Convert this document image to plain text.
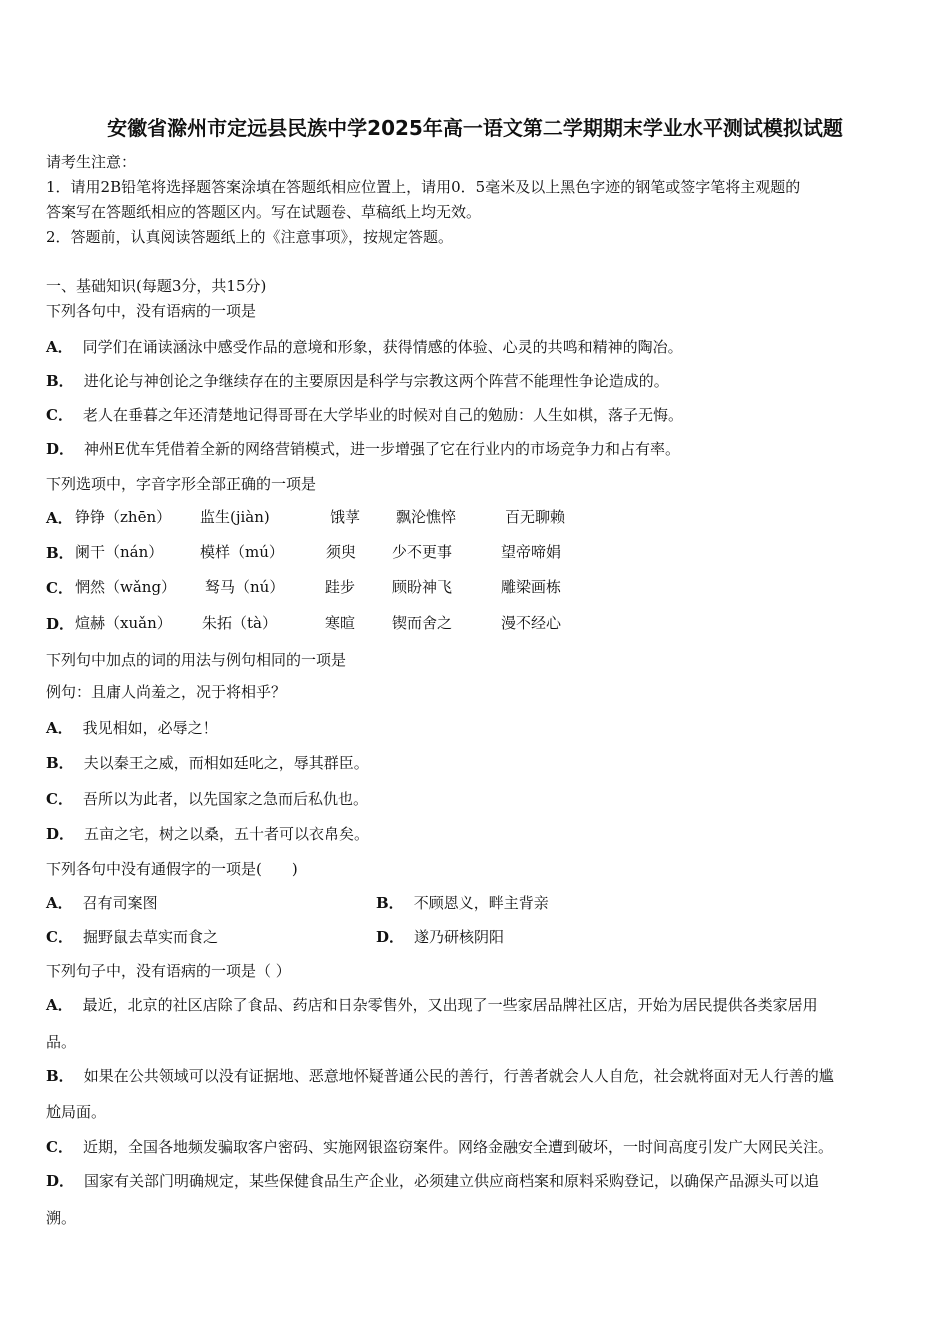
安徽省滁州市定远县民族中学2025年高一语文第二学期期末学业水平测试模拟试题
请考生注意：
1．请用2B铅笔将选择题答案涂填在答题纸相应位置上，请用0．5毫米及以上黑色字迹的钢笔或签字笔将主观题的
答案写在答题纸相应的答题区内。写在试题卷、草稿纸上均无效。
2．答题前，认真阅读答题纸上的《注意事项》，按规定答题。
一、基础知识(每题3分，共15分)
下列各句中，没有语病的一项是
A． 同学们在诵读涵泳中感受作品的意境和形象，获得情感的体验、心灵的共鸣和精神的陶冶。
B． 进化论与神创论之争继续存在的主要原因是科学与宗教这两个阵营不能理性争论造成的。
C． 老人在垂暮之年还清楚地记得哥哥在大学毕业的时候对自己的勉励：人生如棋，落子无悔。
D． 神州E优车凭借着全新的网络营销模式，进一步增强了它在行业内的市场竞争力和占有率。
下列选项中，字音字形全部正确的一项是
A． 铮铮（zhēn） 监生(jiàn)	饿莩 飘沦憔悴	百无聊赖
B． 阑干（nán） 模样（mú）	须臾 少不更事	望帝啼娟
C． 惘然（wǎng） 驽马（nú）	跬步 顾盼神飞	雕梁画栋
D． 煊赫（xuǎn） 朱拓（tà）	寒暄 锲而舍之	漫不经心
下列句中加点的词的用法与例句相同的一项是
例句：且庸人尚羞之，况于将相乎？
A． 我见相如，必辱之！
B． 夫以秦王之威，而相如廷叱之，辱其群臣。
C． 吾所以为此者，以先国家之急而后私仇也。
D． 五亩之宅，树之以桑，五十者可以衣帛矣。
下列各句中没有通假字的一项是(　　)
A． 召有司案图	B． 不顾恩义，畔主背亲
C． 掘野鼠去草实而食之	D． 遂乃研核阴阳
下列句子中，没有语病的一项是（ ）
A． 最近，北京的社区店除了食品、药店和日杂零售外，又出现了一些家居品牌社区店，开始为居民提供各类家居用
品。
B． 如果在公共领域可以没有证据地、恶意地怀疑普通公民的善行，行善者就会人人自危，社会就将面对无人行善的尴
尬局面。
C． 近期，全国各地频发骗取客户密码、实施网银盗窃案件。网络金融安全遭到破坏，一时间高度引发广大网民关注。
D． 国家有关部门明确规定，某些保健食品生产企业，必须建立供应商档案和原料采购登记，以确保产品源头可以追
溯。
